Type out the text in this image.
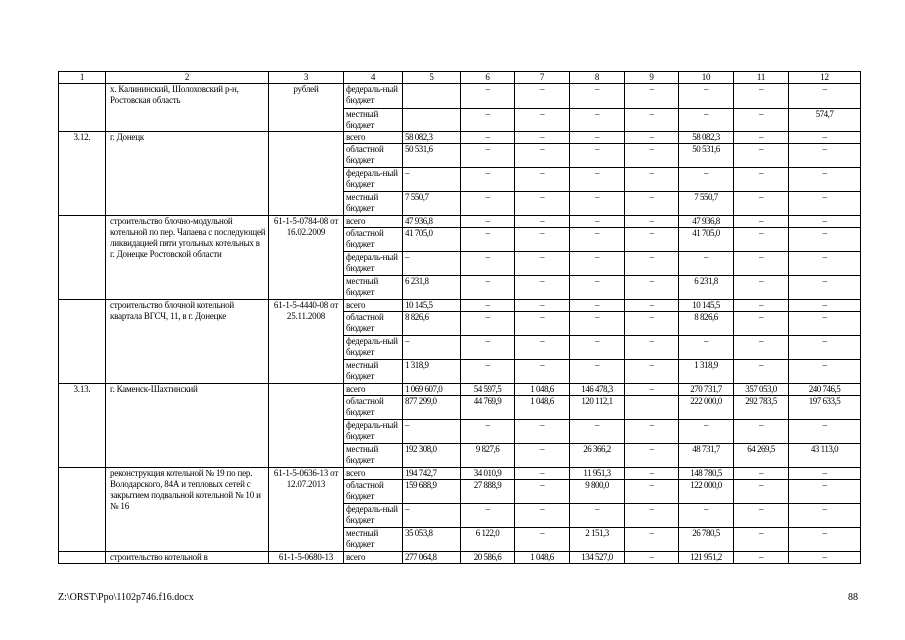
1	2	3	4	5	6	7	8	9	10	11	12
	х. Калининский, Шолоховский р-н, Ростовская область	рублей	федераль-ный бюджет		–	–	–	–	–	–	–
			местный бюджет		–	–	–	–	–	–	574,7
3.12.	г. Донецк		всего	58 082,3	–	–	–	–	58 082,3	–	–
			областной бюджет	50 531,6	–	–	–	–	50 531,6	–	–
			федераль-ный бюджет	–	–	–	–	–	–	–	–
			местный бюджет	7 550,7	–	–	–	–	7 550,7	–	–
	строительство блочно-модульной котельной по пер. Чапаева с последующей ликвидацией пяти угольных котельных в г. Донецке Ростовской области	61-1-5-0784-08 от 16.02.2009	всего	47 936,8	–	–	–	–	47 936,8	–	–
			областной бюджет	41 705,0	–	–	–	–	41 705,0	–	–
			федераль-ный бюджет	–	–	–	–	–	–	–	–
			местный бюджет	6 231,8	–	–	–	–	6 231,8	–	–
	строительство блочной котельной квартала ВГСЧ, 11, в г. Донецке	61-1-5-4440-08 от 25.11.2008	всего	10 145,5	–	–	–	–	10 145,5	–	–
			областной бюджет	8 826,6	–	–	–	–	8 826,6	–	–
			федераль-ный бюджет	–	–	–	–	–	–	–	–
			местный бюджет	1 318,9	–	–	–	–	1 318,9	–	–
3.13.	г. Каменск-Шахтинский		всего	1 069 607,0	54 597,5	1 048,6	146 478,3	–	270 731,7	357 053,0	240 746,5
			областной бюджет	877 299,0	44 769,9	1 048,6	120 112,1		222 000,0	292 783,5	197 633,5
			федераль-ный бюджет	–	–	–	–	–	–	–	–
			местный бюджет	192 308,0	9 827,6	–	26 366,2	–	48 731,7	64 269,5	43 113,0
	реконструкция котельной № 19 по пер. Володарского, 84А и тепловых сетей с закрытием подвальной котельной № 10 и № 16	61-1-5-0636-13 от 12.07.2013	всего	194 742,7	34 010,9	–	11 951,3	–	148 780,5	–	–
			областной бюджет	159 688,9	27 888,9	–	9 800,0	–	122 000,0	–	–
			федераль-ный бюджет	–	–	–	–	–	–	–	–
			местный бюджет	35 053,8	6 122,0	–	2 151,3	–	26 780,5	–	–
	строительство котельной в	61-1-5-0680-13	всего	277 064,8	20 586,6	1 048,6	134 527,0	–	121 951,2	–	–
Z:\ORST\Ppo\1102p746.f16.docx	88
